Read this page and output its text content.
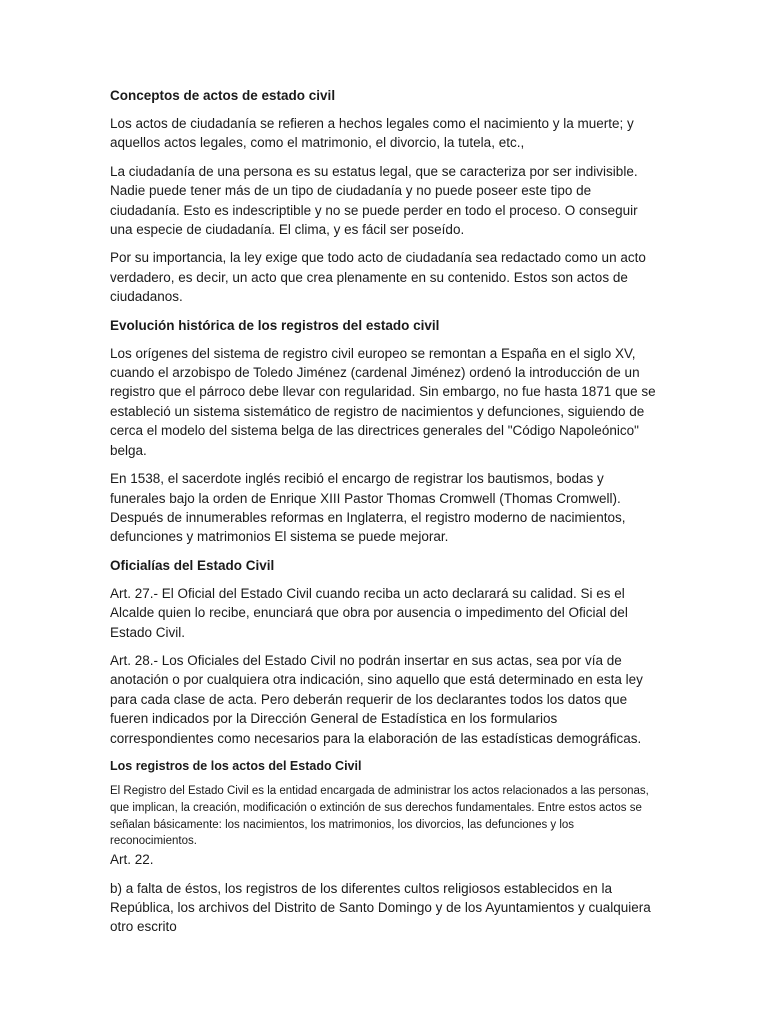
Conceptos de actos de estado civil

Los actos de ciudadanía se refieren a hechos legales como el nacimiento y la muerte; y aquellos actos legales, como el matrimonio, el divorcio, la tutela, etc.,

La ciudadanía de una persona es su estatus legal, que se caracteriza por ser indivisible. Nadie puede tener más de un tipo de ciudadanía y no puede poseer este tipo de ciudadanía. Esto es indescriptible y no se puede perder en todo el proceso. O conseguir una especie de ciudadanía. El clima, y es fácil ser poseído.

Por su importancia, la ley exige que todo acto de ciudadanía sea redactado como un acto verdadero, es decir, un acto que crea plenamente en su contenido. Estos son actos de ciudadanos.

Evolución histórica de los registros del estado civil

Los orígenes del sistema de registro civil europeo se remontan a España en el siglo XV, cuando el arzobispo de Toledo Jiménez (cardenal Jiménez) ordenó la introducción de un registro que el párroco debe llevar con regularidad. Sin embargo, no fue hasta 1871 que se estableció un sistema sistemático de registro de nacimientos y defunciones, siguiendo de cerca el modelo del sistema belga de las directrices generales del "Código Napoleónico" belga.

En 1538, el sacerdote inglés recibió el encargo de registrar los bautismos, bodas y funerales bajo la orden de Enrique XIII Pastor Thomas Cromwell (Thomas Cromwell). Después de innumerables reformas en Inglaterra, el registro moderno de nacimientos, defunciones y matrimonios El sistema se puede mejorar.

Oficialías del Estado Civil

Art. 27.- El Oficial del Estado Civil cuando reciba un acto declarará su calidad. Si es el Alcalde quien lo recibe, enunciará que obra por ausencia o impedimento del Oficial del Estado Civil.

Art. 28.- Los Oficiales del Estado Civil no podrán insertar en sus actas, sea por vía de anotación o por cualquiera otra indicación, sino aquello que está determinado en esta ley para cada clase de acta. Pero deberán requerir de los declarantes todos los datos que fueren indicados por la Dirección General de Estadística en los formularios correspondientes como necesarios para la elaboración de las estadísticas demográficas.

Los registros de los actos del Estado Civil

El Registro del Estado Civil es la entidad encargada de administrar los actos relacionados a las personas, que implican, la creación, modificación o extinción de sus derechos fundamentales. Entre estos actos se señalan básicamente: los nacimientos, los matrimonios, los divorcios, las defunciones y los reconocimientos.

Art. 22.

b) a falta de éstos, los registros de los diferentes cultos religiosos establecidos en la República, los archivos del Distrito de Santo Domingo y de los Ayuntamientos y cualquiera otro escrito
